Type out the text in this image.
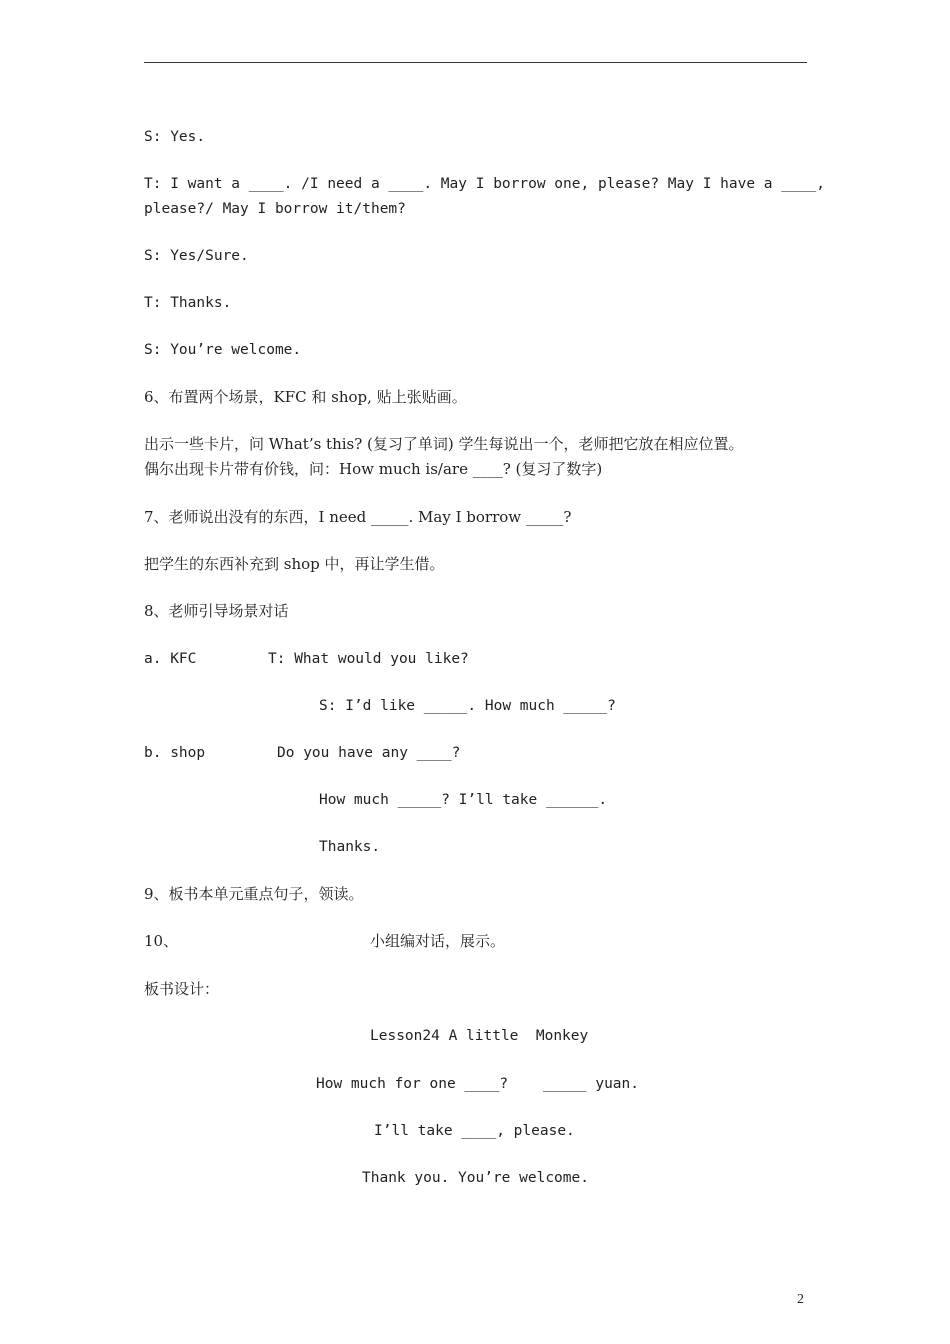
S: Yes.
T: I want a ____. /I need a ____. May I borrow one, please? May I have a ____,
please?/ May I borrow it/them?
S: Yes/Sure.
T: Thanks.
S: You’re welcome.
6、布置两个场景，KFC 和 shop, 贴上张贴画。
出示一些卡片，问 What’s this? (复习了单词) 学生每说出一个，老师把它放在相应位置。
偶尔出现卡片带有价钱，问：How much is/are ____? (复习了数字)
7、老师说出没有的东西，I need _____. May I borrow _____?
把学生的东西补充到 shop 中，再让学生借。
8、老师引导场景对话
a. KFC	T: What would you like?
S: I’d like _____. How much _____?
b. shop	Do you have any ____?
How much _____? I’ll take ______.
Thanks.
9、板书本单元重点句子，领读。
10、	小组编对话，展示。
板书设计：
Lesson24 A little  Monkey
How much for one ____?    _____ yuan.
I’ll take ____, please.
Thank you. You’re welcome.
2
